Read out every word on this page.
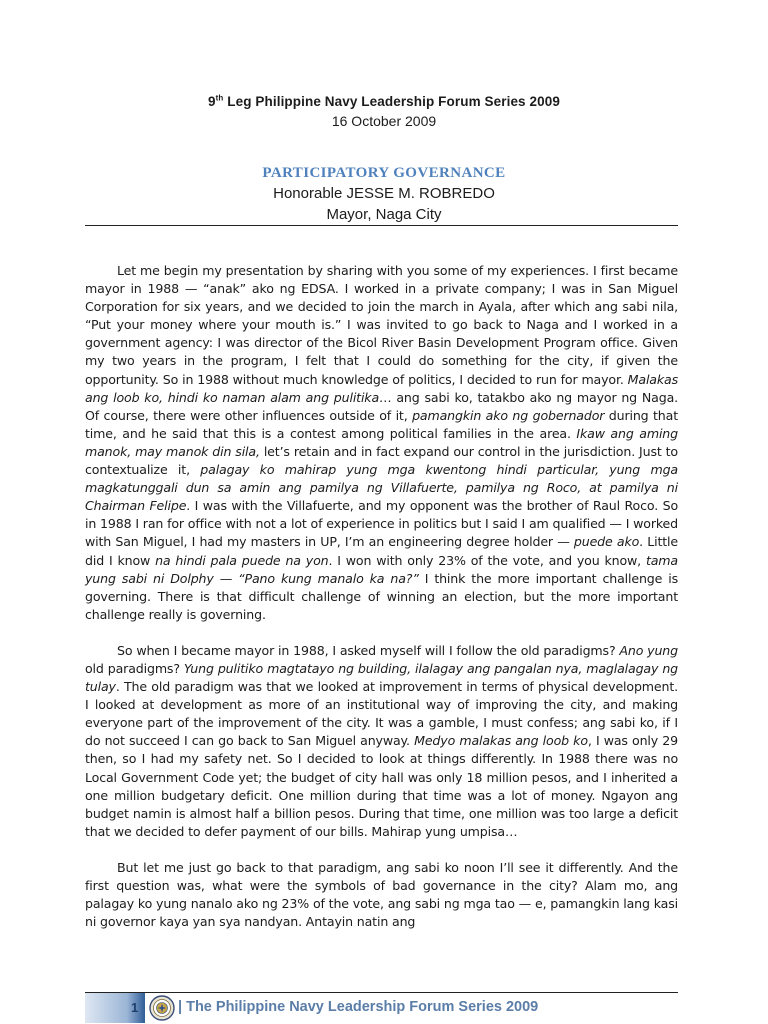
9th Leg Philippine Navy Leadership Forum Series 2009
16 October 2009
PARTICIPATORY GOVERNANCE
Honorable JESSE M. ROBREDO
Mayor, Naga City

Let me begin my presentation by sharing with you some of my experiences. I first became mayor in 1988 — “anak” ako ng EDSA. I worked in a private company; I was in San Miguel Corporation for six years, and we decided to join the march in Ayala, after which ang sabi nila, “Put your money where your mouth is.” I was invited to go back to Naga and I worked in a government agency: I was director of the Bicol River Basin Development Program office. Given my two years in the program, I felt that I could do something for the city, if given the opportunity. So in 1988 without much knowledge of politics, I decided to run for mayor. Malakas ang loob ko, hindi ko naman alam ang pulitika… ang sabi ko, tatakbo ako ng mayor ng Naga. Of course, there were other influences outside of it, pamangkin ako ng gobernador during that time, and he said that this is a contest among political families in the area. Ikaw ang aming manok, may manok din sila, let’s retain and in fact expand our control in the jurisdiction. Just to contextualize it, palagay ko mahirap yung mga kwentong hindi particular, yung mga magkatunggali dun sa amin ang pamilya ng Villafuerte, pamilya ng Roco, at pamilya ni Chairman Felipe. I was with the Villafuerte, and my opponent was the brother of Raul Roco. So in 1988 I ran for office with not a lot of experience in politics but I said I am qualified — I worked with San Miguel, I had my masters in UP, I’m an engineering degree holder — puede ako. Little did I know na hindi pala puede na yon. I won with only 23% of the vote, and you know, tama yung sabi ni Dolphy — “Pano kung manalo ka na?” I think the more important challenge is governing. There is that difficult challenge of winning an election, but the more important challenge really is governing.

So when I became mayor in 1988, I asked myself will I follow the old paradigms? Ano yung old paradigms? Yung pulitiko magtatayo ng building, ilalagay ang pangalan nya, maglalagay ng tulay. The old paradigm was that we looked at improvement in terms of physical development. I looked at development as more of an institutional way of improving the city, and making everyone part of the improvement of the city. It was a gamble, I must confess; ang sabi ko, if I do not succeed I can go back to San Miguel anyway. Medyo malakas ang loob ko, I was only 29 then, so I had my safety net. So I decided to look at things differently. In 1988 there was no Local Government Code yet; the budget of city hall was only 18 million pesos, and I inherited a one million budgetary deficit. One million during that time was a lot of money. Ngayon ang budget namin is almost half a billion pesos. During that time, one million was too large a deficit that we decided to defer payment of our bills. Mahirap yung umpisa…

But let me just go back to that paradigm, ang sabi ko noon I’ll see it differently. And the first question was, what were the symbols of bad governance in the city? Alam mo, ang palagay ko yung nanalo ako ng 23% of the vote, ang sabi ng mga tao — e, pamangkin lang kasi ni governor kaya yan sya nandyan. Antayin natin ang

1	| The Philippine Navy Leadership Forum Series 2009
